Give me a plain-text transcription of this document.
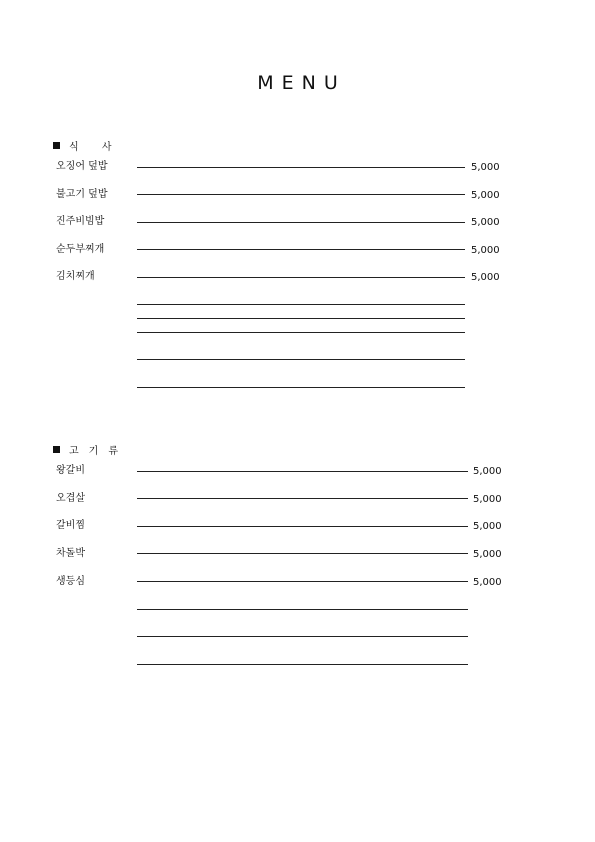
MENU
식 사
오징어 덮밥	5,000
불고기 덮밥	5,000
진주비빔밥	5,000
순두부찌개	5,000
김치찌개	5,000
고기류
왕갈비	5,000
오겹살	5,000
갈비찜	5,000
차돌박	5,000
생등심	5,000
